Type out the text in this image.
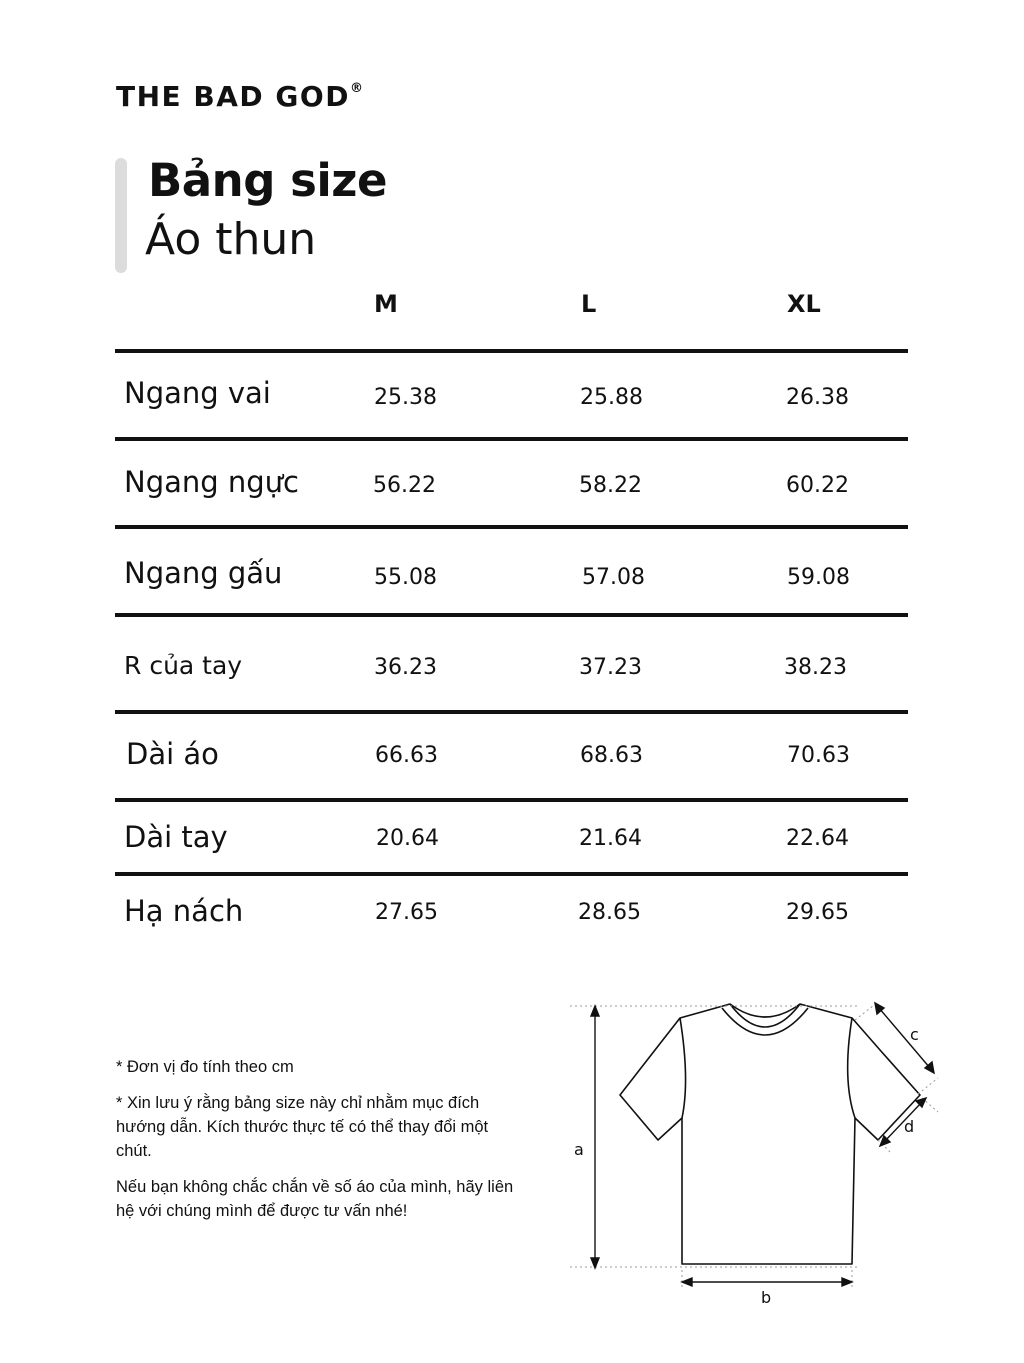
THE BAD GOD®
Bảng size
Áo thun
M	L	XL
Ngang vai	25.38	25.88	26.38
Ngang ngực	56.22	58.22	60.22
Ngang gấu	55.08	57.08	59.08
R của tay	36.23	37.23	38.23
Dài áo	66.63	68.63	70.63
Dài tay	20.64	21.64	22.64
Hạ nách	27.65	28.65	29.65

* Đơn vị đo tính theo cm

* Xin lưu ý rằng bảng size này chỉ nhằm mục đích hướng dẫn. Kích thước thực tế có thể thay đổi một chút.

Nếu bạn không chắc chắn về số áo của mình, hãy liên hệ với chúng mình để được tư vấn nhé!

a
b
c
d
